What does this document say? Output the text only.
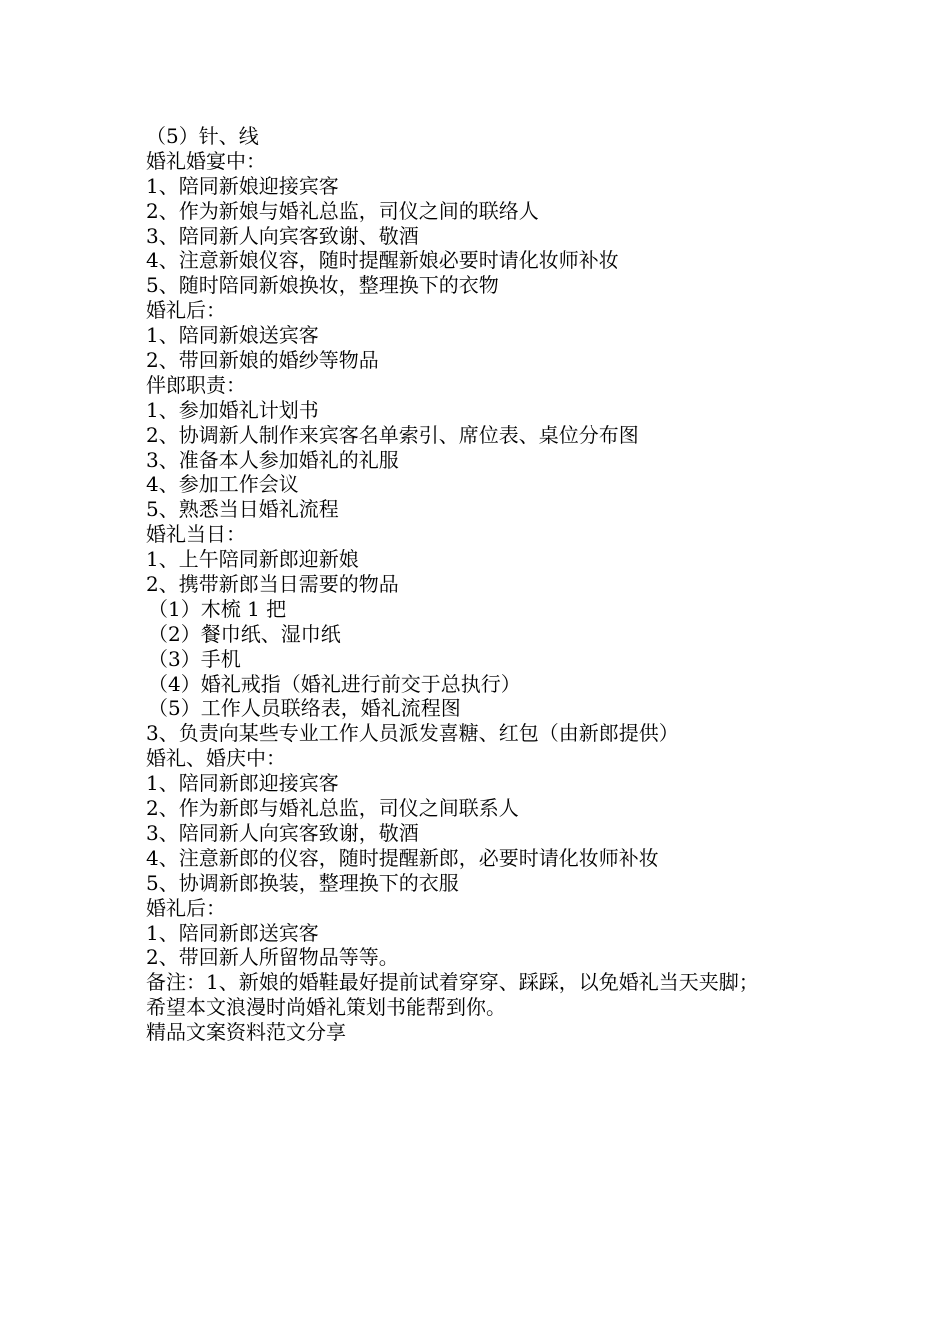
（5）针、线
婚礼婚宴中：
1、陪同新娘迎接宾客
2、作为新娘与婚礼总监，司仪之间的联络人
3、陪同新人向宾客致谢、敬酒
4、注意新娘仪容，随时提醒新娘必要时请化妆师补妆
5、随时陪同新娘换妆，整理换下的衣物
婚礼后：
1、陪同新娘送宾客
2、带回新娘的婚纱等物品
伴郎职责：
1、参加婚礼计划书
2、协调新人制作来宾客名单索引、席位表、桌位分布图
3、准备本人参加婚礼的礼服
4、参加工作会议
5、熟悉当日婚礼流程
婚礼当日：
1、上午陪同新郎迎新娘
2、携带新郎当日需要的物品
（1）木梳 1 把
（2）餐巾纸、湿巾纸
（3）手机
（4）婚礼戒指（婚礼进行前交于总执行）
（5）工作人员联络表，婚礼流程图
3、负责向某些专业工作人员派发喜糖、红包（由新郎提供）
婚礼、婚庆中：
1、陪同新郎迎接宾客
2、作为新郎与婚礼总监，司仪之间联系人
3、陪同新人向宾客致谢，敬酒
4、注意新郎的仪容，随时提醒新郎，必要时请化妆师补妆
5、协调新郎换装，整理换下的衣服
婚礼后：
1、陪同新郎送宾客
2、带回新人所留物品等等。
备注：1、新娘的婚鞋最好提前试着穿穿、踩踩，以免婚礼当天夹脚；
希望本文浪漫时尚婚礼策划书能帮到你。
精品文案资料范文分享
